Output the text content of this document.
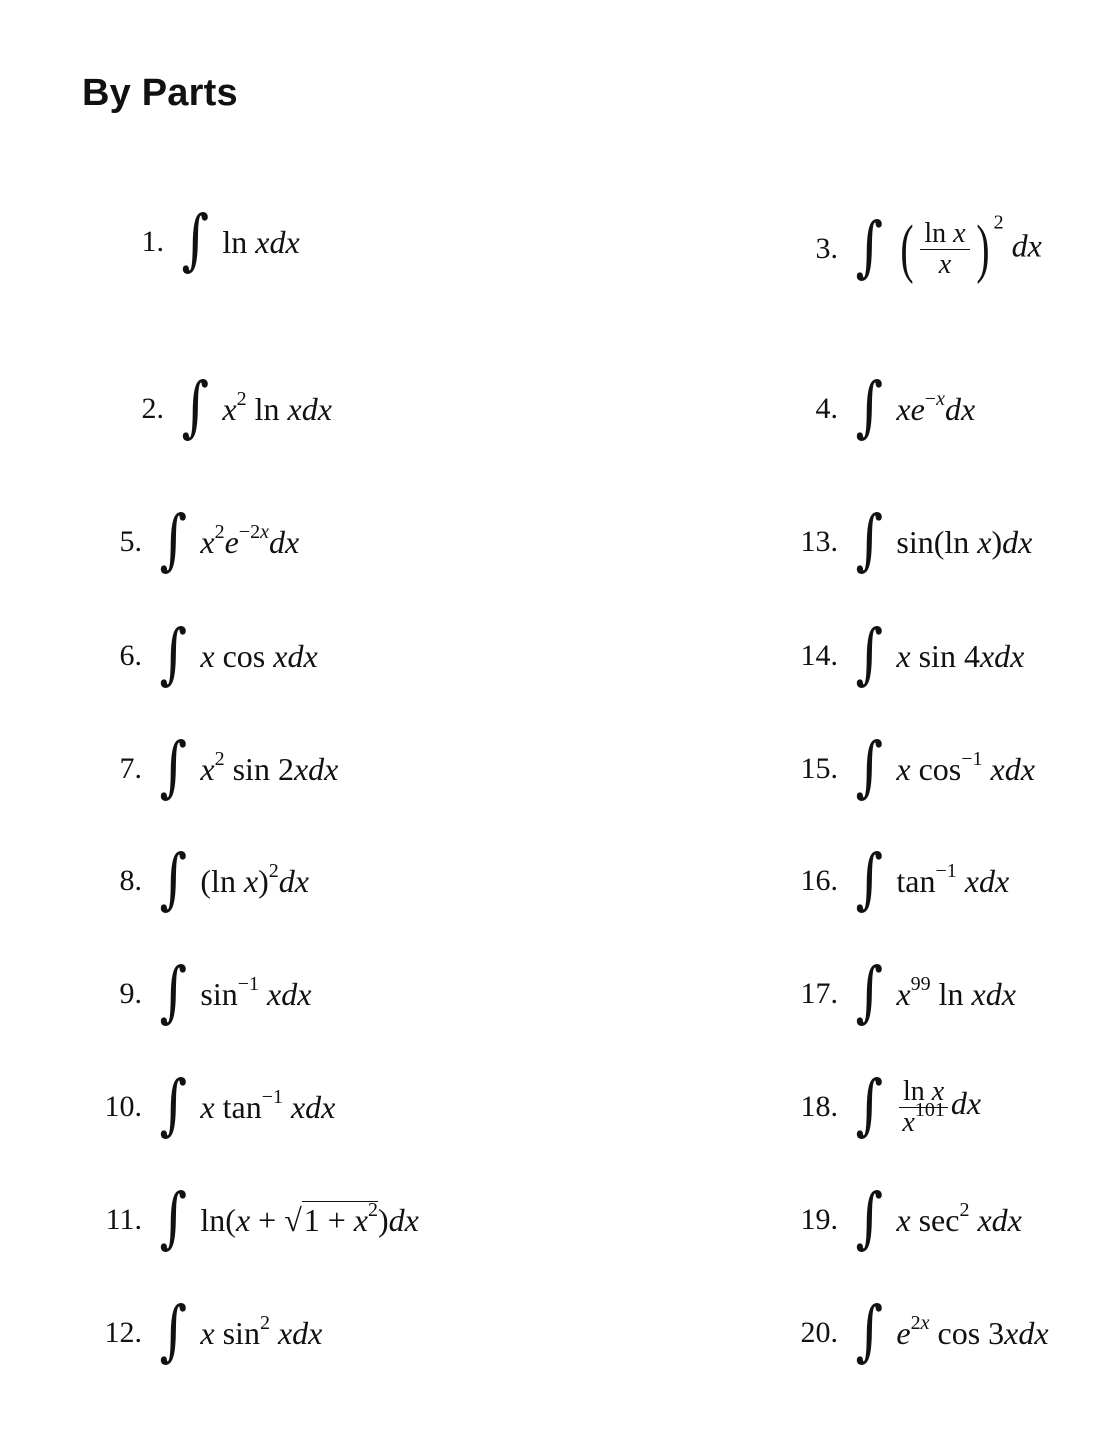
By Parts
1. ∫ ln xdx
2. ∫ $x^2$ ln xdx
5. ∫ $x^2e^{-2x}dx$
6. ∫ x cos xdx
7. ∫ $x^2$ sin 2xdx
8. ∫ (ln x)$^2$dx
9. ∫ $\sin^{-1}$ xdx
10. ∫ x $\tan^{-1}$ xdx
11. ∫ $\ln(x + √1 + x^2)dx$
12. ∫ x $\sin^2$ xdx
3. ∫ ( $\frac{\text{ln x}}{x}$ ) $^2$ dx
4. ∫ $xe^{-x}dx$
13. ∫ sin(ln x)dx
14. ∫ x sin 4xdx
15. ∫ x $\cos^{-1}$ xdx
16. ∫ $\tan^{-1}$ xdx
17. ∫ $x^{99}$ ln xdx
18. ∫ $\frac{\text{ln x}}{x^{101}}$ dx
19. ∫ x $\sec^2$ xdx
20. ∫ $e^{2x}$ cos 3xdx
